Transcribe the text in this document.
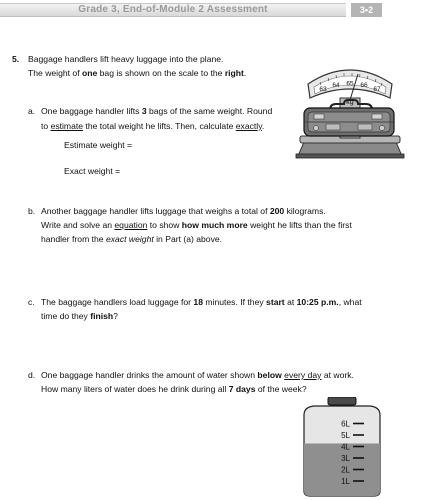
Grade 3, End-of-Module 2 Assessment	3•2
5. Baggage handlers lift heavy luggage into the plane.
The weight of one bag is shown on the scale to the right.
a. One baggage handler lifts 3 bags of the same weight. Round
to estimate the total weight he lifts. Then, calculate exactly.
Estimate weight =
Exact weight =
63
64 65 66
67
kg
b. Another baggage handler lifts luggage that weighs a total of 200 kilograms.
Write and solve an equation to show how much more weight he lifts than the first
handler from the exact weight in Part (a) above.
c. The baggage handlers load luggage for 18 minutes. If they start at 10:25 p.m., what
time do they finish?
d. One baggage handler drinks the amount of water shown below every day at work.
How many liters of water does he drink during all 7 days of the week?
6L
5L
4L
3L
2L
1L
